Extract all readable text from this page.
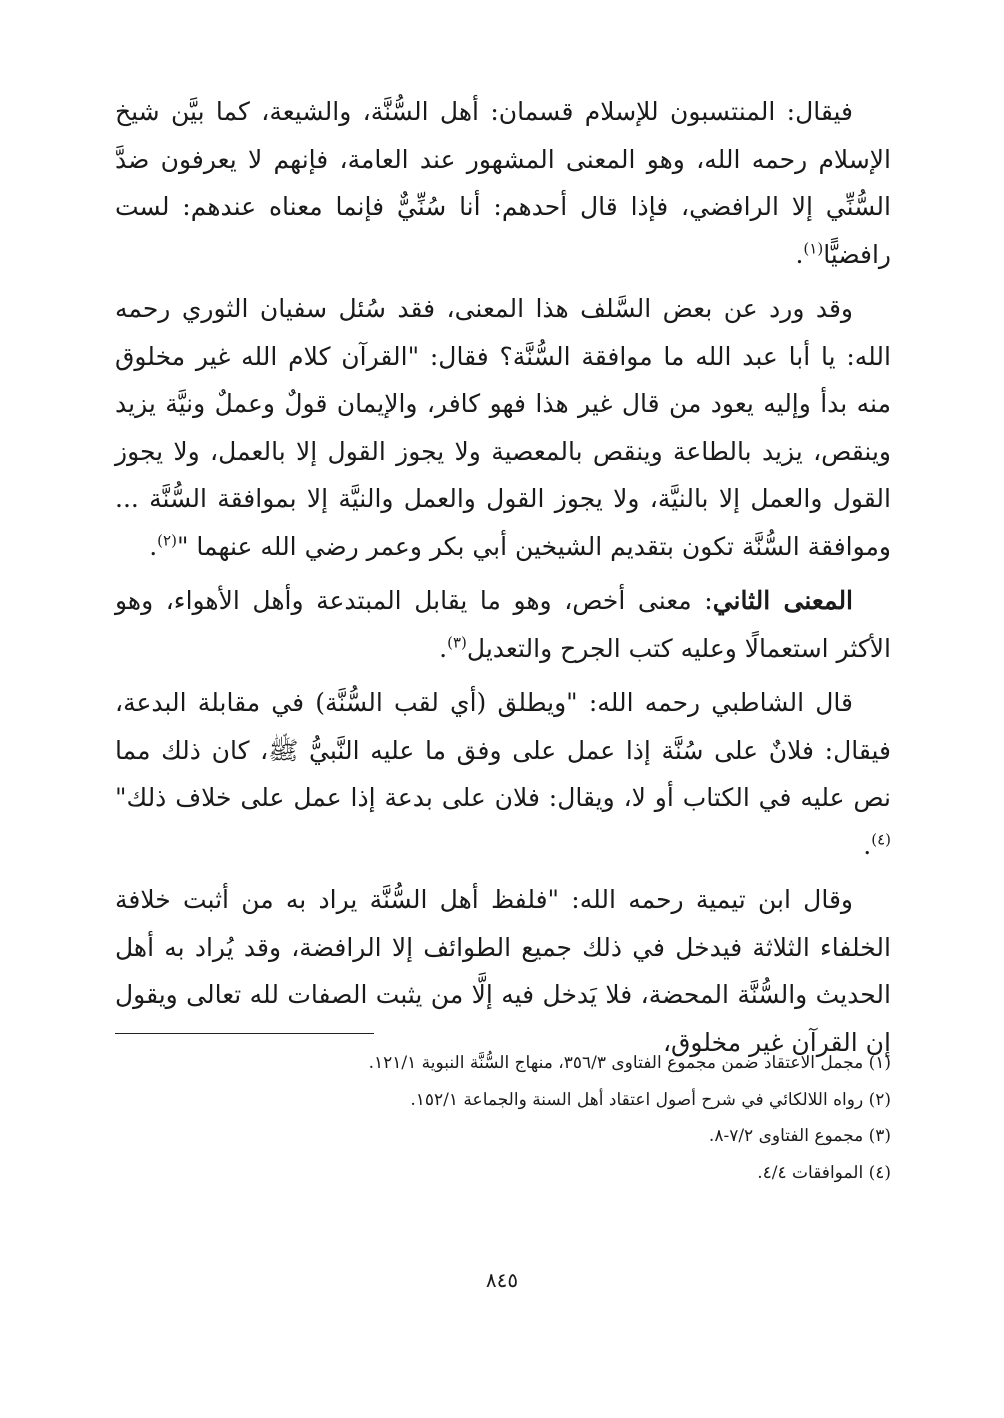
فيقال: المنتسبون للإسلام قسمان: أهل السُّنَّة، والشيعة، كما بيَّن شيخ الإسلام رحمه الله، وهو المعنى المشهور عند العامة، فإنهم لا يعرفون ضدَّ السُّنِّي إلا الرافضي، فإذا قال أحدهم: أنا سُنِّيٌّ فإنما معناه عندهم: لست رافضيًّا$^{(١)}$.

وقد ورد عن بعض السَّلف هذا المعنى، فقد سُئل سفيان الثوري رحمه الله: يا أبا عبد الله ما موافقة السُّنَّة؟ فقال: "القرآن كلام الله غير مخلوق منه بدأ وإليه يعود من قال غير هذا فهو كافر، والإيمان قولٌ وعملٌ ونيَّة يزيد وينقص، يزيد بالطاعة وينقص بالمعصية ولا يجوز القول إلا بالعمل، ولا يجوز القول والعمل إلا بالنيَّة، ولا يجوز القول والعمل والنيَّة إلا بموافقة السُّنَّة ... وموافقة السُّنَّة تكون بتقديم الشيخين أبي بكر وعمر رضي الله عنهما "$^{(٢)}$.

المعنى الثاني: معنى أخص، وهو ما يقابل المبتدعة وأهل الأهواء، وهو الأكثر استعمالًا وعليه كتب الجرح والتعديل$^{(٣)}$.

قال الشاطبي رحمه الله: "ويطلق (أي لقب السُّنَّة) في مقابلة البدعة، فيقال: فلانٌ على سُنَّة إذا عمل على وفق ما عليه النَّبيُّ ﷺ، كان ذلك مما نص عليه في الكتاب أو لا، ويقال: فلان على بدعة إذا عمل على خلاف ذلك"$^{(٤)}$.

وقال ابن تيمية رحمه الله: "فلفظ أهل السُّنَّة يراد به من أثبت خلافة الخلفاء الثلاثة فيدخل في ذلك جميع الطوائف إلا الرافضة، وقد يُراد به أهل الحديث والسُّنَّة المحضة، فلا يَدخل فيه إلَّا من يثبت الصفات لله تعالى ويقول إن القرآن غير مخلوق،

(١) مجمل الاعتقاد ضمن مجموع الفتاوى ٣٥٦/٣، منهاج السُّنَّة النبوية ١٢١/١.
(٢) رواه اللالكائي في شرح أصول اعتقاد أهل السنة والجماعة ١٥٢/١.
(٣) مجموع الفتاوى ٧/٢-٨.
(٤) الموافقات ٤/٤.
٨٤٥
